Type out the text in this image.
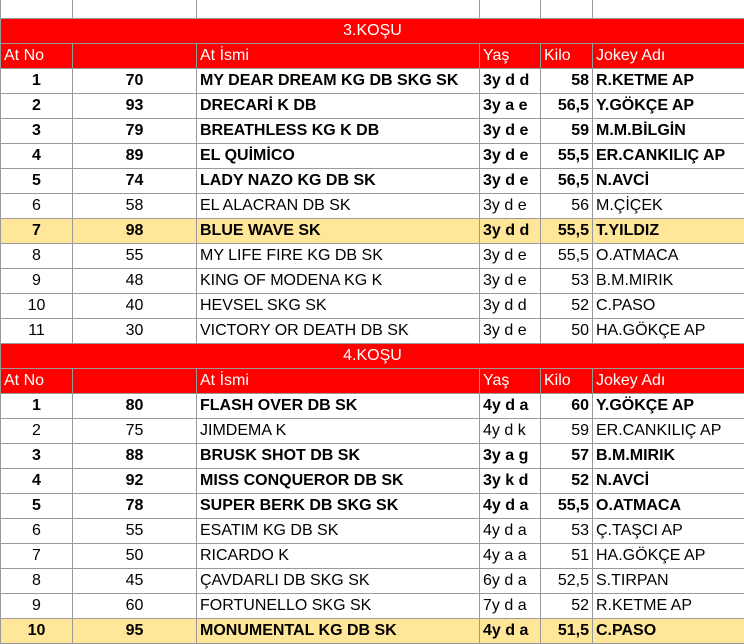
3.KOŞU					
At No		At İsmi	Yaş	Kilo	Jokey Adı
1	70	MY DEAR DREAM KG DB SKG SK	3y d d	58	R.KETME AP
2	93	DRECARİ K DB	3y a e	56,5	Y.GÖKÇE AP
3	79	BREATHLESS KG K DB	3y d e	59	M.M.BİLGİN
4	89	EL QUİMİCO	3y d e	55,5	ER.CANKILIÇ AP
5	74	LADY NAZO KG DB SK	3y d e	56,5	N.AVCİ
6	58	EL ALACRAN DB SK	3y d e	56	M.ÇİÇEK
7	98	BLUE WAVE SK	3y d d	55,5	T.YILDIZ
8	55	MY LIFE FIRE KG DB SK	3y d e	55,5	O.ATMACA
9	48	KING OF MODENA KG K	3y d e	53	B.M.MIRIK
10	40	HEVSEL SKG SK	3y d d	52	C.PASO
11	30	VICTORY OR DEATH DB SK	3y d e	50	HA.GÖKÇE AP
4.KOŞU					
At No		At İsmi	Yaş	Kilo	Jokey Adı
1	80	FLASH OVER DB SK	4y d a	60	Y.GÖKÇE AP
2	75	JIMDEMA K	4y d k	59	ER.CANKILIÇ AP
3	88	BRUSK SHOT DB SK	3y a g	57	B.M.MIRIK
4	92	MISS CONQUEROR DB SK	3y k d	52	N.AVCİ
5	78	SUPER BERK DB SKG SK	4y d a	55,5	O.ATMACA
6	55	ESATIM KG DB SK	4y d a	53	Ç.TAŞCI AP
7	50	RICARDO K	4y a a	51	HA.GÖKÇE AP
8	45	ÇAVDARLI DB SKG SK	6y d a	52,5	S.TIRPAN
9	60	FORTUNELLO SKG SK	7y d a	52	R.KETME AP
10	95	MONUMENTAL KG DB SK	4y d a	51,5	C.PASO
